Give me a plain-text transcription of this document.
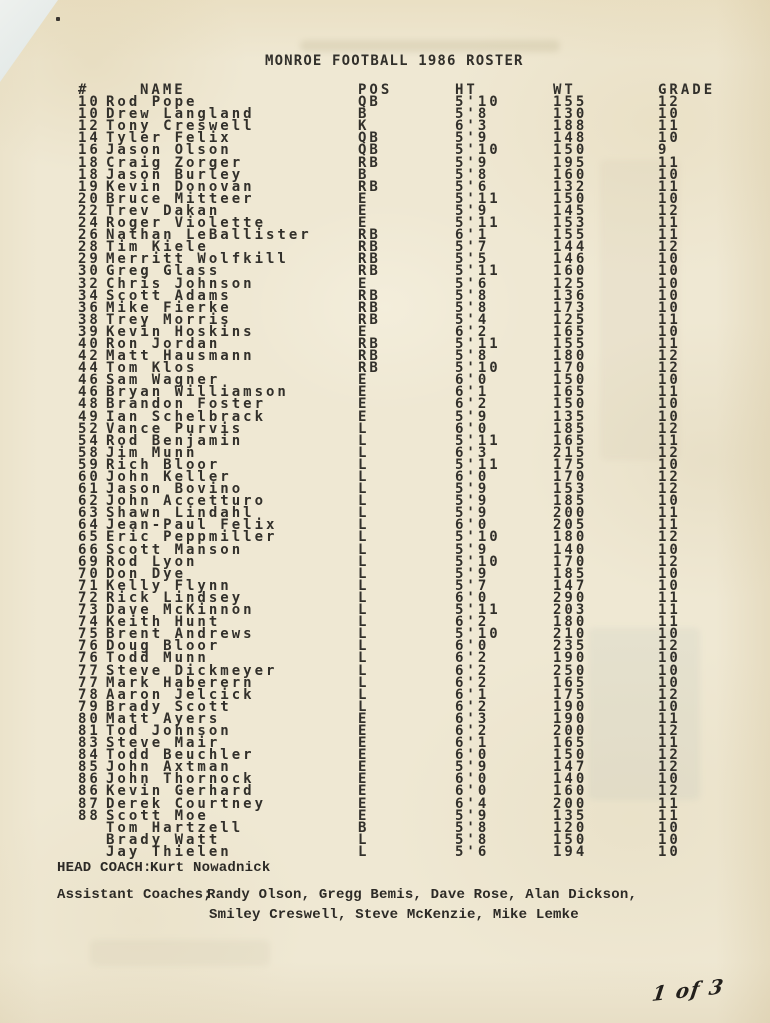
MONROE FOOTBALL 1986 ROSTER
#	NAME	POS	HT	WT	GRADE
10 Rod Pope	QB	5'10	155	12
10 Drew Langland	B	5'8	130	10
12 Tony Creswell	K	6'3	188	11
14 Tyler Felix	QB	5'9	148	10
16 Jason Olson	QB	5'10	150	9
18 Craig Zorger	RB	5'9	195	11
18 Jason Burley	B	5'8	160	10
19 Kevin Donovan	RB	5'6	132	11
20 Bruce Mitteer	E	5'11	150	10
22 Trev Dakan	E	5'9	145	12
24 Roger Violette	E	5'11	153	11
26 Nathan LeBallister	RB	6'1	155	11
28 Tim Kiele	RB	5'7	144	12
29 Merritt Wolfkill	RB	5'5	146	10
30 Greg Glass	RB	5'11	160	10
32 Chris Johnson	E	5'6	125	10
34 Scott Adams	RB	5'8	136	10
36 Mike Fierke	RB	5'8	173	10
38 Trey Morris	RB	5'4	125	11
39 Kevin Hoskins	E	6'2	165	10
40 Ron Jordan	RB	5'11	155	11
42 Matt Hausmann	RB	5'8	180	12
44 Tom Klos	RB	5'10	170	12
46 Sam Wagner	E	6'0	150	10
46 Bryan Williamson	E	6'1	165	11
48 Brandon Foster	E	6'2	150	10
49 Ian Schelbrack	E	5'9	135	10
52 Vance Purvis	L	6'0	185	12
54 Rod Benjamin	L	5'11	165	11
58 Jim Munn	L	6'3	215	12
59 Rich Bloor	L	5'11	175	10
60 John Keller	L	6'0	170	12
61 Jason Bovino	L	5'9	153	12
62 John Accetturo	L	5'9	185	10
63 Shawn Lindahl	L	5'9	200	11
64 Jean-Paul Felix	L	6'0	205	11
65 Eric Peppmiller	L	5'10	180	12
66 Scott Manson	L	5'9	140	10
69 Rod Lyon	L	5'10	170	12
70 Don Dye	L	5'9	185	10
71 Kelly Flynn	L	5'7	147	10
72 Rick Lindsey	L	6'0	290	11
73 Dave McKinnon	L	5'11	203	11
74 Keith Hunt	L	6'2	180	11
75 Brent Andrews	L	5'10	210	10
76 Doug Bloor	L	6'0	235	12
76 Todd Munn	L	6'2	190	10
77 Steve Dickmeyer	L	6'2	250	10
77 Mark Haberern	L	6'2	165	10
78 Aaron Jelcick	L	6'1	175	12
79 Brady Scott	L	6'2	190	10
80 Matt Ayers	E	6'3	190	11
81 Tod Johnson	E	6'2	200	12
83 Steve Mair	E	6'1	165	11
84 Todd Beuchler	E	6'0	150	12
85 John Axtman	E	5'9	147	12
86 John Thornock	E	6'0	140	10
86 Kevin Gerhard	E	6'0	160	12
87 Derek Courtney	E	6'4	200	11
88 Scott Moe	E	5'9	135	11
Tom Hartzell	B	5'8	120	10
Brady Watt	L	5'8	150	10
Jay Thielen	L	5'6	194	10
HEAD COACH:
Kurt Nowadnick
Assistant Coaches;
Randy Olson, Gregg Bemis, Dave Rose, Alan Dickson,
Smiley Creswell, Steve McKenzie, Mike Lemke
1 of 3
